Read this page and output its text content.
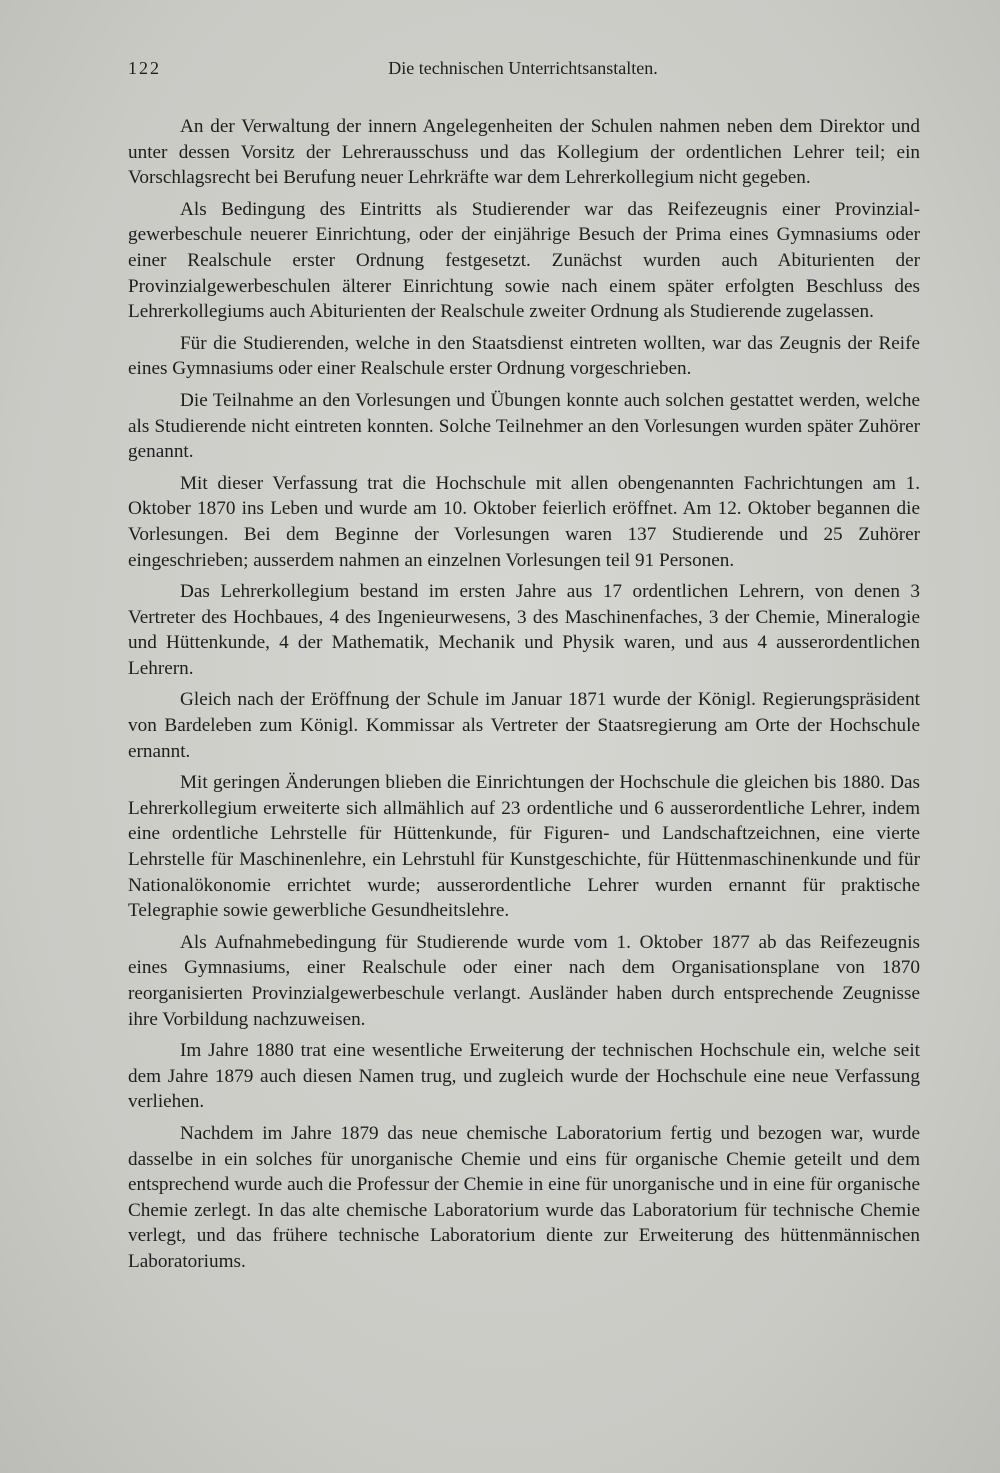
122	Die technischen Unterrichtsanstalten.

An der Verwaltung der innern Angelegenheiten der Schulen nahmen neben dem Direktor und unter dessen Vorsitz der Lehrerausschuss und das Kollegium der ordentlichen Lehrer teil; ein Vorschlagsrecht bei Berufung neuer Lehrkräfte war dem Lehrerkollegium nicht gegeben.

Als Bedingung des Eintritts als Studierender war das Reifezeugnis einer Provinzialgewerbeschule neuerer Einrichtung, oder der einjährige Besuch der Prima eines Gymnasiums oder einer Realschule erster Ordnung festgesetzt. Zunächst wurden auch Abiturienten der Provinzialgewerbeschulen älterer Einrichtung sowie nach einem später erfolgten Beschluss des Lehrerkollegiums auch Abiturienten der Realschule zweiter Ordnung als Studierende zugelassen.

Für die Studierenden, welche in den Staatsdienst eintreten wollten, war das Zeugnis der Reife eines Gymnasiums oder einer Realschule erster Ordnung vorgeschrieben.

Die Teilnahme an den Vorlesungen und Übungen konnte auch solchen gestattet werden, welche als Studierende nicht eintreten konnten. Solche Teilnehmer an den Vorlesungen wurden später Zuhörer genannt.

Mit dieser Verfassung trat die Hochschule mit allen obengenannten Fachrichtungen am 1. Oktober 1870 ins Leben und wurde am 10. Oktober feierlich eröffnet. Am 12. Oktober begannen die Vorlesungen. Bei dem Beginne der Vorlesungen waren 137 Studierende und 25 Zuhörer eingeschrieben; ausserdem nahmen an einzelnen Vorlesungen teil 91 Personen.

Das Lehrerkollegium bestand im ersten Jahre aus 17 ordentlichen Lehrern, von denen 3 Vertreter des Hochbaues, 4 des Ingenieurwesens, 3 des Maschinenfaches, 3 der Chemie, Mineralogie und Hüttenkunde, 4 der Mathematik, Mechanik und Physik waren, und aus 4 ausserordentlichen Lehrern.

Gleich nach der Eröffnung der Schule im Januar 1871 wurde der Königl. Regierungspräsident von Bardeleben zum Königl. Kommissar als Vertreter der Staatsregierung am Orte der Hochschule ernannt.

Mit geringen Änderungen blieben die Einrichtungen der Hochschule die gleichen bis 1880. Das Lehrerkollegium erweiterte sich allmählich auf 23 ordentliche und 6 ausserordentliche Lehrer, indem eine ordentliche Lehrstelle für Hüttenkunde, für Figuren- und Landschaftzeichnen, eine vierte Lehrstelle für Maschinenlehre, ein Lehrstuhl für Kunstgeschichte, für Hüttenmaschinenkunde und für Nationalökonomie errichtet wurde; ausserordentliche Lehrer wurden ernannt für praktische Telegraphie sowie gewerbliche Gesundheitslehre.

Als Aufnahmebedingung für Studierende wurde vom 1. Oktober 1877 ab das Reifezeugnis eines Gymnasiums, einer Realschule oder einer nach dem Organisationsplane von 1870 reorganisierten Provinzialgewerbeschule verlangt. Ausländer haben durch entsprechende Zeugnisse ihre Vorbildung nachzuweisen.

Im Jahre 1880 trat eine wesentliche Erweiterung der technischen Hochschule ein, welche seit dem Jahre 1879 auch diesen Namen trug, und zugleich wurde der Hochschule eine neue Verfassung verliehen.

Nachdem im Jahre 1879 das neue chemische Laboratorium fertig und bezogen war, wurde dasselbe in ein solches für unorganische Chemie und eins für organische Chemie geteilt und dem entsprechend wurde auch die Professur der Chemie in eine für unorganische und in eine für organische Chemie zerlegt. In das alte chemische Laboratorium wurde das Laboratorium für technische Chemie verlegt, und das frühere technische Laboratorium diente zur Erweiterung des hüttenmännischen Laboratoriums.
